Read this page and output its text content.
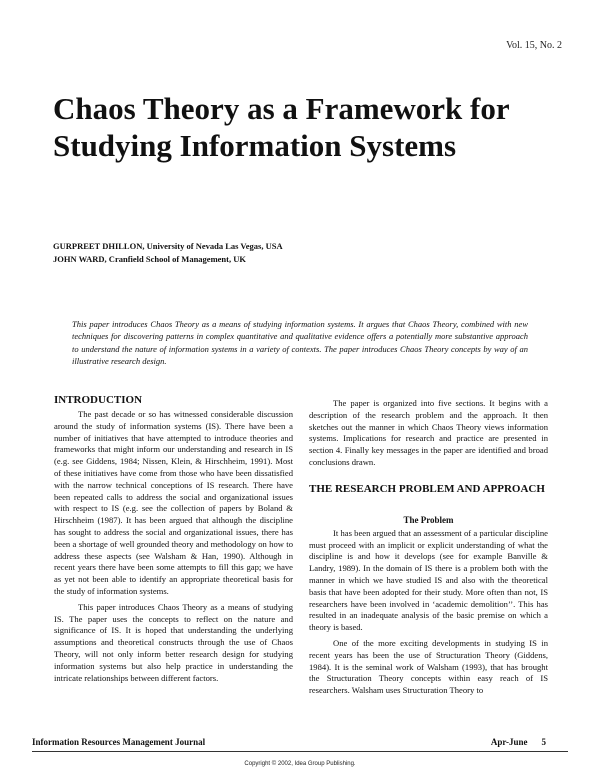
Vol. 15, No. 2
Chaos Theory as a Framework for Studying Information Systems
GURPREET DHILLON, University of Nevada Las Vegas, USA
JOHN WARD, Cranfield School of Management, UK

This paper introduces Chaos Theory as a means of studying information systems. It argues that Chaos Theory, combined with new techniques for discovering patterns in complex quantitative and qualitative evidence offers a potentially more substantive approach to understand the nature of information systems in a variety of contexts. The paper introduces Chaos Theory concepts by way of an illustrative research design.

INTRODUCTION

The past decade or so has witnessed considerable discussion around the study of information systems (IS). There have been a number of initiatives that have attempted to introduce theories and frameworks that might inform our understanding and research in IS (e.g. see Giddens, 1984; Nissen, Klein, & Hirschheim, 1991). Most of these initiatives have come from those who have been dissatisfied with the narrow technical conceptions of IS research. There have been repeated calls to address the social and organizational issues with respect to IS (e.g. see the collection of papers by Boland & Hirschheim (1987). It has been argued that although the discipline has sought to address the social and organizational issues, there has been a shortage of well grounded theory and methodology on how to address these aspects (see Walsham & Han, 1990). Although in recent years there have been some attempts to fill this gap; we have as yet not been able to identify an appropriate theoretical basis for the study of information systems.

This paper introduces Chaos Theory as a means of studying IS. The paper uses the concepts to reflect on the nature and significance of IS. It is hoped that understanding the underlying assumptions and theoretical constructs through the use of Chaos Theory, will not only inform better research design for studying information systems but also help practice in understanding the intricate relationships between different factors.

The paper is organized into five sections. It begins with a description of the research problem and the approach. It then sketches out the manner in which Chaos Theory views information systems. Implications for research and practice are presented in section 4. Finally key messages in the paper are identified and broad conclusions drawn.

THE RESEARCH PROBLEM AND APPROACH
The Problem

It has been argued that an assessment of a particular discipline must proceed with an implicit or explicit understanding of what the discipline is and how it develops (see for example Banville & Landry, 1989). In the domain of IS there is a problem both with the manner in which we have studied IS and also with the theoretical basis that have been adopted for their study. More often than not, IS researchers have been involved in ‘academic demolition’’. This has resulted in an inadequate analysis of the basic premise on which a theory is based.

One of the more exciting developments in studying IS in recent years has been the use of Structuration Theory (Giddens, 1984). It is the seminal work of Walsham (1993), that has brought the Structuration Theory concepts within easy reach of IS researchers. Walsham uses Structuration Theory to

Information Resources Management Journal	Apr-June 5
Copyright © 2002, Idea Group Publishing.
